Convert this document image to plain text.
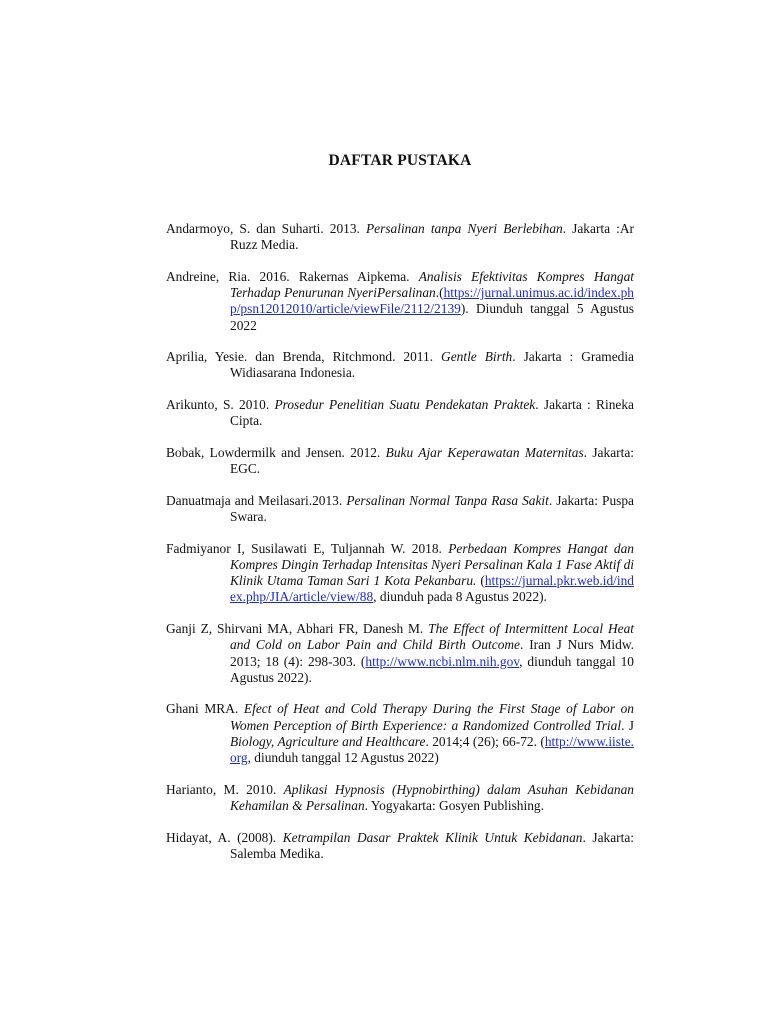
DAFTAR PUSTAKA

Andarmoyo, S. dan Suharti. 2013. Persalinan tanpa Nyeri Berlebihan. Jakarta :Ar Ruzz Media.

Andreine, Ria. 2016. Rakernas Aipkema. Analisis Efektivitas Kompres Hangat Terhadap Penurunan NyeriPersalinan.(https://jurnal.unimus.ac.id/index.php/psn12012010/article/viewFile/2112/2139). Diunduh tanggal 5 Agustus 2022

Aprilia, Yesie. dan Brenda, Ritchmond. 2011. Gentle Birth. Jakarta : Gramedia Widiasarana Indonesia.

Arikunto, S. 2010. Prosedur Penelitian Suatu Pendekatan Praktek. Jakarta : Rineka Cipta.

Bobak, Lowdermilk and Jensen. 2012. Buku Ajar Keperawatan Maternitas. Jakarta: EGC.

Danuatmaja and Meilasari.2013. Persalinan Normal Tanpa Rasa Sakit. Jakarta: Puspa Swara.

Fadmiyanor I, Susilawati E, Tuljannah W. 2018. Perbedaan Kompres Hangat dan Kompres Dingin Terhadap Intensitas Nyeri Persalinan Kala 1 Fase Aktif di Klinik Utama Taman Sari 1 Kota Pekanbaru. (https://jurnal.pkr.web.id/index.php/JIA/article/view/88, diunduh pada 8 Agustus 2022).

Ganji Z, Shirvani MA, Abhari FR, Danesh M. The Effect of Intermittent Local Heat and Cold on Labor Pain and Child Birth Outcome. Iran J Nurs Midw. 2013; 18 (4): 298-303. (http://www.ncbi.nlm.nih.gov, diunduh tanggal 10 Agustus 2022).

Ghani MRA. Efect of Heat and Cold Therapy During the First Stage of Labor on Women Perception of Birth Experience: a Randomized Controlled Trial. J Biology, Agriculture and Healthcare. 2014;4 (26); 66-72. (http://www.iiste.org, diunduh tanggal 12 Agustus 2022)

Harianto, M. 2010. Aplikasi Hypnosis (Hypnobirthing) dalam Asuhan Kebidanan Kehamilan & Persalinan. Yogyakarta: Gosyen Publishing.

Hidayat, A. (2008). Ketrampilan Dasar Praktek Klinik Untuk Kebidanan. Jakarta: Salemba Medika.
